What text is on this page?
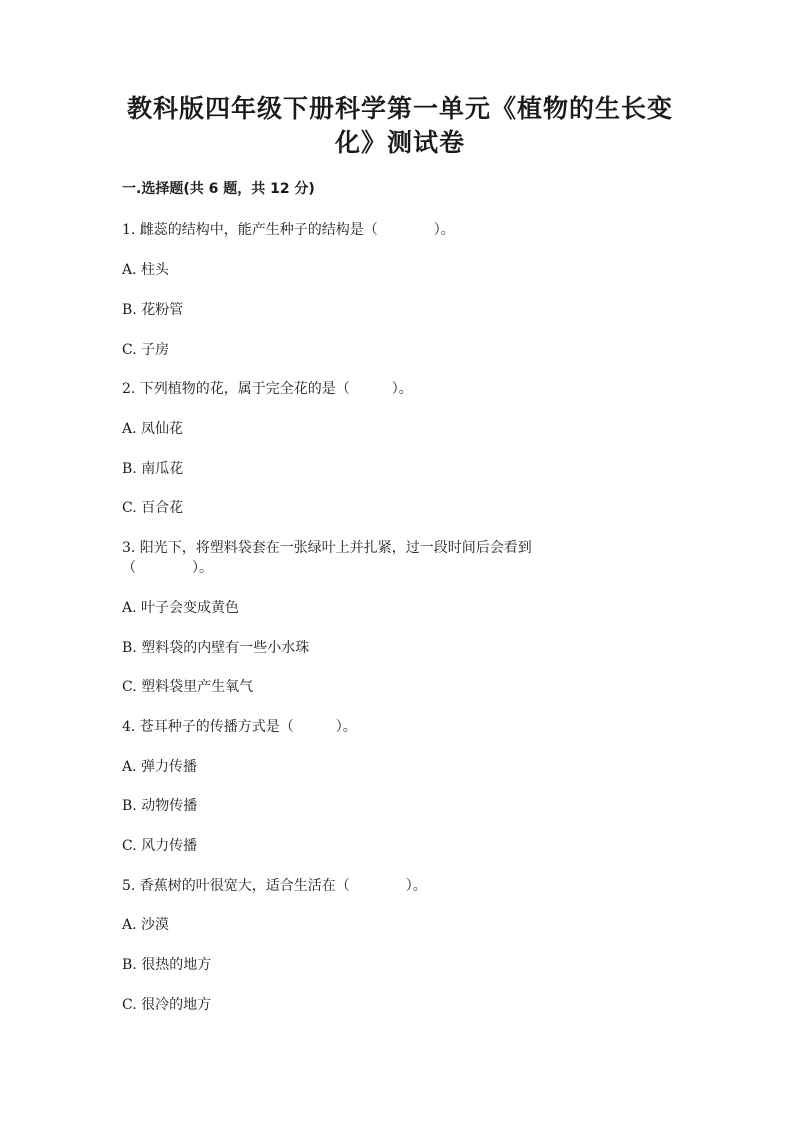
教科版四年级下册科学第一单元《植物的生长变
化》测试卷

一.选择题(共 6 题，共 12 分)

1. 雌蕊的结构中，能产生种子的结构是（　　　　）。

A. 柱头

B. 花粉管

C. 子房

2. 下列植物的花，属于完全花的是（　　　）。

A. 凤仙花

B. 南瓜花

C. 百合花

3. 阳光下，将塑料袋套在一张绿叶上并扎紧，过一段时间后会看到

（　　　　）。

A. 叶子会变成黄色

B. 塑料袋的内壁有一些小水珠

C. 塑料袋里产生氧气

4. 苍耳种子的传播方式是（　　　）。

A. 弹力传播

B. 动物传播

C. 风力传播

5. 香蕉树的叶很宽大，适合生活在（　　　　）。

A. 沙漠

B. 很热的地方

C. 很冷的地方
